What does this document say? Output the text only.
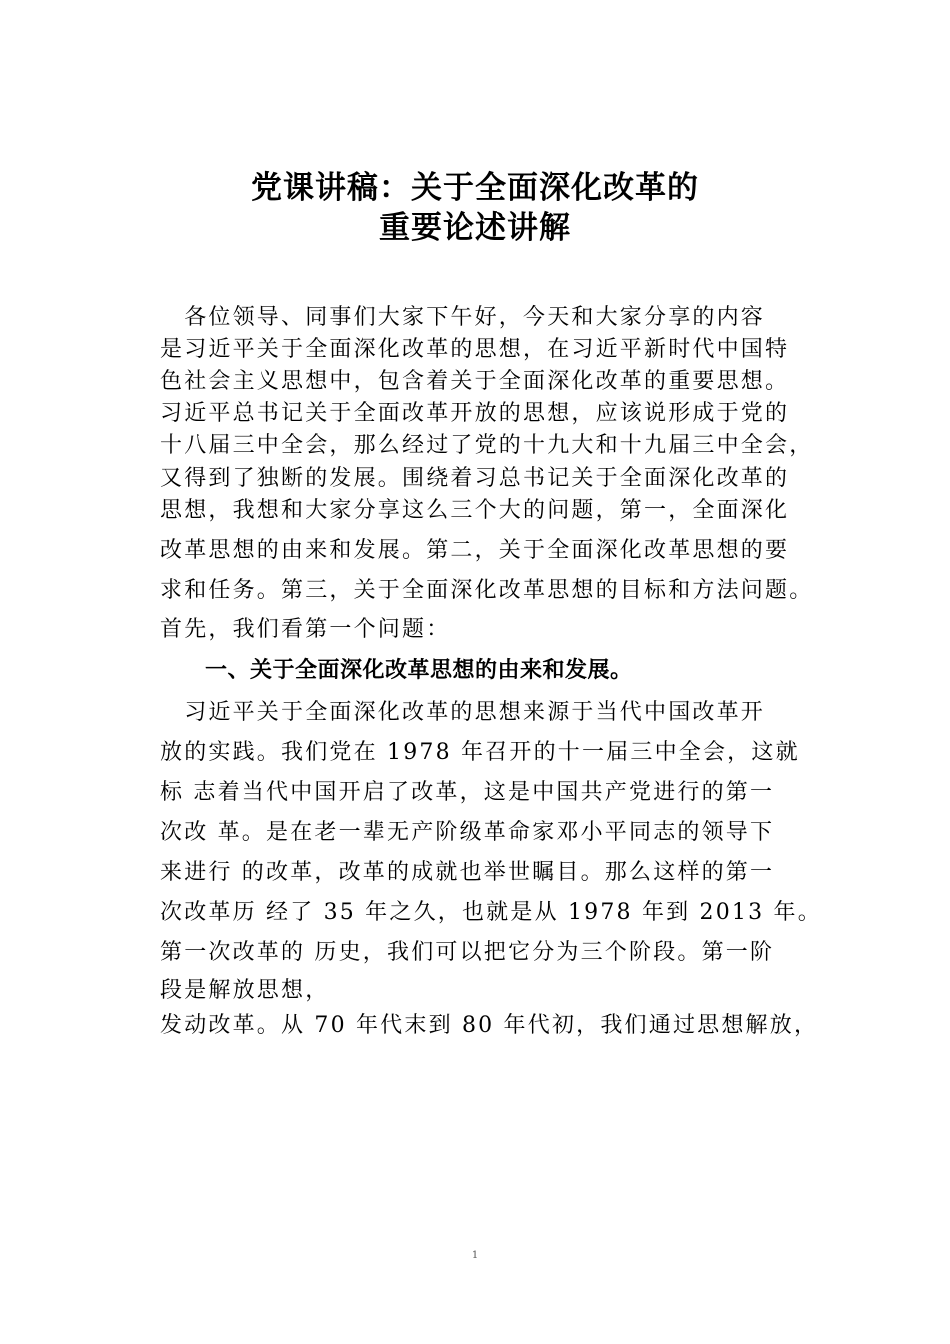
党课讲稿：关于全面深化改革的
重要论述讲解
　各位领导、同事们大家下午好，今天和大家分享的内容
是习近平关于全面深化改革的思想，在习近平新时代中国特
色社会主义思想中，包含着关于全面深化改革的重要思想。
习近平总书记关于全面改革开放的思想，应该说形成于党的
十八届三中全会，那么经过了党的十九大和十九届三中全会，
又得到了独断的发展。围绕着习总书记关于全面深化改革的
思想，我想和大家分享这么三个大的问题，第一，全面深化
改革思想的由来和发展。第二，关于全面深化改革思想的要
求和任务。第三，关于全面深化改革思想的目标和方法问题。
首先，我们看第一个问题：
一、关于全面深化改革思想的由来和发展。
　习近平关于全面深化改革的思想来源于当代中国改革开
放的实践。我们党在 1978 年召开的十一届三中全会，这就
标 志着当代中国开启了改革，这是中国共产党进行的第一
次改 革。是在老一辈无产阶级革命家邓小平同志的领导下
来进行 的改革，改革的成就也举世瞩目。那么这样的第一
次改革历 经了 35 年之久，也就是从 1978 年到 2013 年。
第一次改革的 历史，我们可以把它分为三个阶段。第一阶
段是解放思想，
发动改革。从 70 年代末到 80 年代初，我们通过思想解放，
1
